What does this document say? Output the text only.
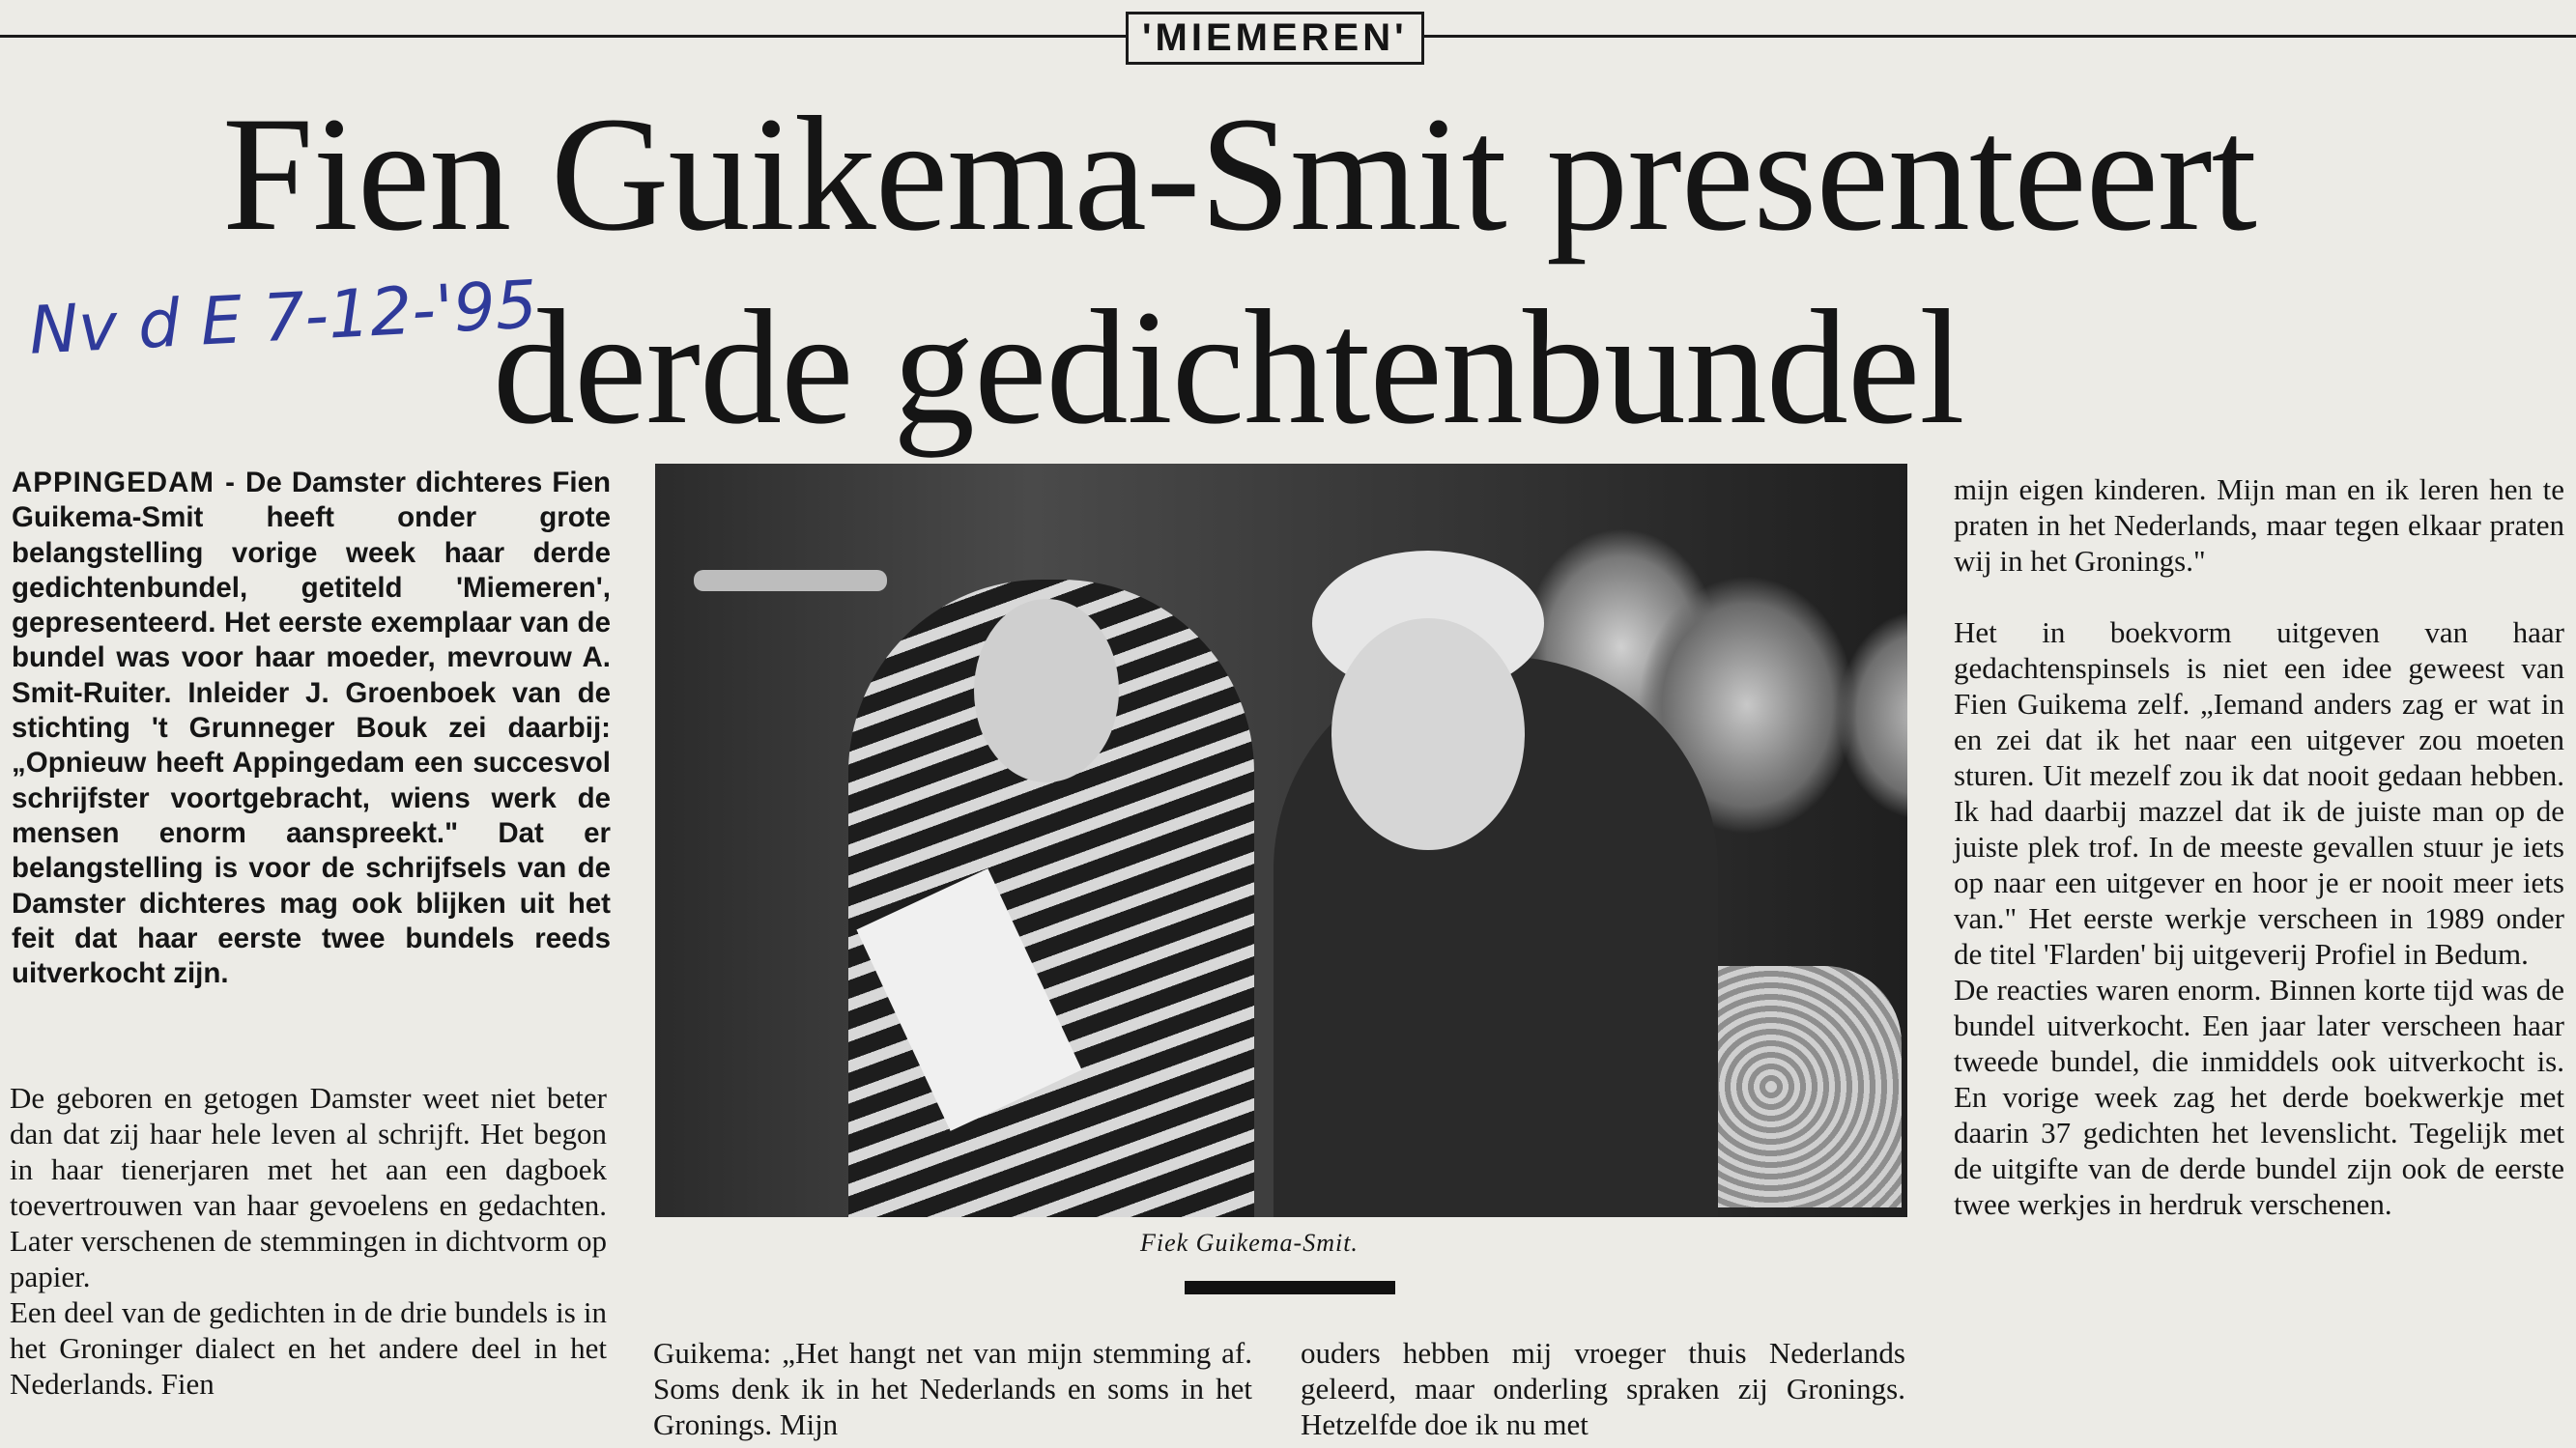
'MIEMEREN'
Fien Guikema-Smit presenteert
derde gedichtenbundel
Nv d E 7-12-'95
APPINGEDAM - De Damster dichteres Fien Guikema-Smit heeft onder grote belangstelling vorige week haar derde gedichtenbundel, getiteld 'Miemeren', gepresenteerd. Het eerste exemplaar van de bundel was voor haar moeder, mevrouw A. Smit-Ruiter. Inleider J. Groenboek van de stichting 't Grunneger Bouk zei daarbij: „Opnieuw heeft Appingedam een succesvol schrijfster voortgebracht, wiens werk de mensen enorm aanspreekt." Dat er belangstelling is voor de schrijfsels van de Damster dichteres mag ook blijken uit het feit dat haar eerste twee bundels reeds uitverkocht zijn.

De geboren en getogen Damster weet niet beter dan dat zij haar hele leven al schrijft. Het begon in haar tienerjaren met het aan een dagboek toevertrouwen van haar gevoelens en gedachten. Later verschenen de stemmingen in dichtvorm op papier.

Een deel van de gedichten in de drie bundels is in het Groninger dialect en het andere deel in het Nederlands. Fien

Fiek Guikema-Smit.
Guikema: „Het hangt net van mijn stemming af. Soms denk ik in het Nederlands en soms in het Gronings. Mijn
ouders hebben mij vroeger thuis Nederlands geleerd, maar onderling spraken zij Gronings. Hetzelfde doe ik nu met

mijn eigen kinderen. Mijn man en ik leren hen te praten in het Nederlands, maar tegen elkaar praten wij in het Gronings."

Het in boekvorm uitgeven van haar gedachtenspinsels is niet een idee geweest van Fien Guikema zelf. „Iemand anders zag er wat in en zei dat ik het naar een uitgever zou moeten sturen. Uit mezelf zou ik dat nooit gedaan hebben. Ik had daarbij mazzel dat ik de juiste man op de juiste plek trof. In de meeste gevallen stuur je iets op naar een uitgever en hoor je er nooit meer iets van." Het eerste werkje verscheen in 1989 onder de titel 'Flarden' bij uitgeverij Profiel in Bedum.

De reacties waren enorm. Binnen korte tijd was de bundel uitverkocht. Een jaar later verscheen haar tweede bundel, die inmiddels ook uitverkocht is. En vorige week zag het derde boekwerkje met daarin 37 gedichten het levenslicht. Tegelijk met de uitgifte van de derde bundel zijn ook de eerste twee werkjes in herdruk verschenen.
